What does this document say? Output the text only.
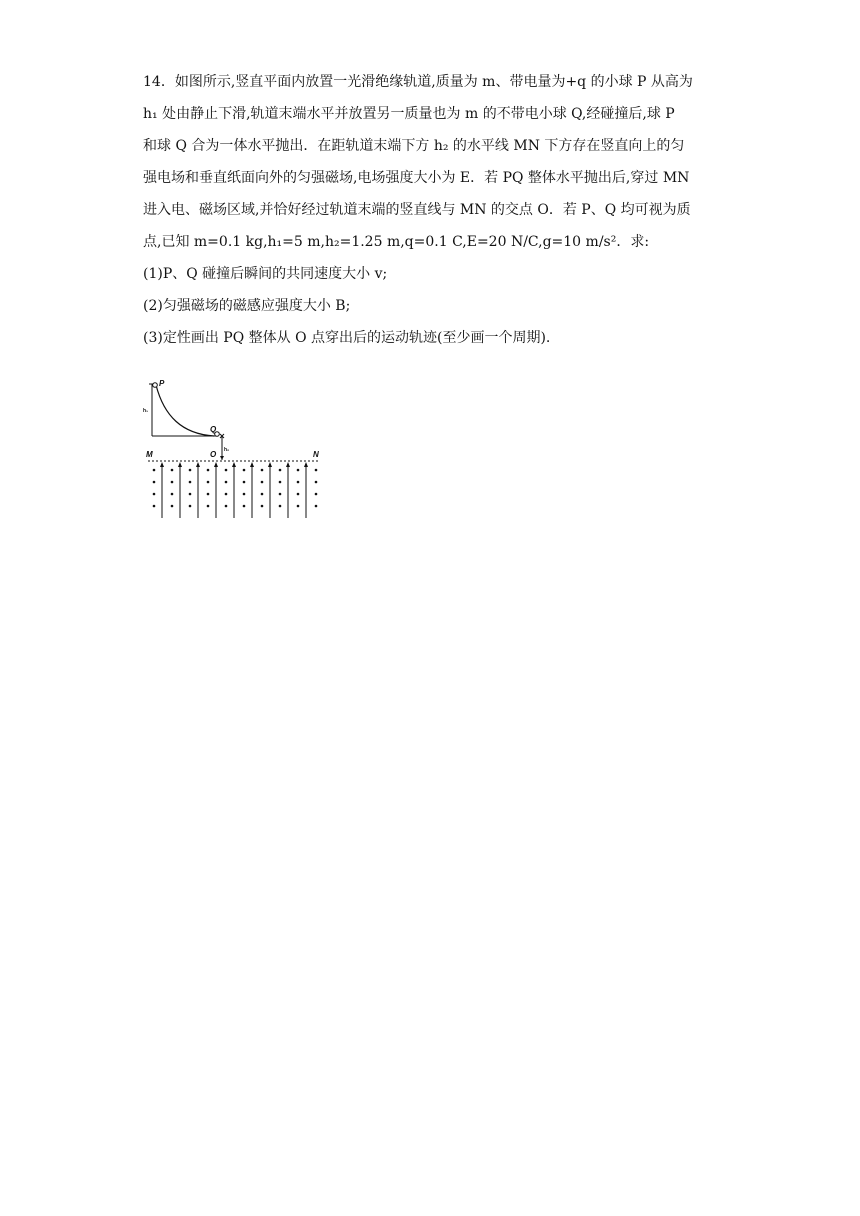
14．如图所示,竖直平面内放置一光滑绝缘轨道,质量为 m、带电量为+q 的小球 P 从高为

h₁ 处由静止下滑,轨道末端水平并放置另一质量也为 m 的不带电小球 Q,经碰撞后,球 P

和球 Q 合为一体水平抛出．在距轨道末端下方 h₂ 的水平线 MN 下方存在竖直向上的匀

强电场和垂直纸面向外的匀强磁场,电场强度大小为 E．若 PQ 整体水平抛出后,穿过 MN

进入电、磁场区域,并恰好经过轨道末端的竖直线与 MN 的交点 O．若 P、Q 均可视为质

点,已知 m=0.1 kg,h₁=5 m,h₂=1.25 m,q=0.1 C,E=20 N/C,g=10 m/s²．求:

(1)P、Q 碰撞后瞬间的共同速度大小 v;

(2)匀强磁场的磁感应强度大小 B;

(3)定性画出 PQ 整体从 O 点穿出后的运动轨迹(至少画一个周期).

P
h₁
Q
h₂
M	N
O
